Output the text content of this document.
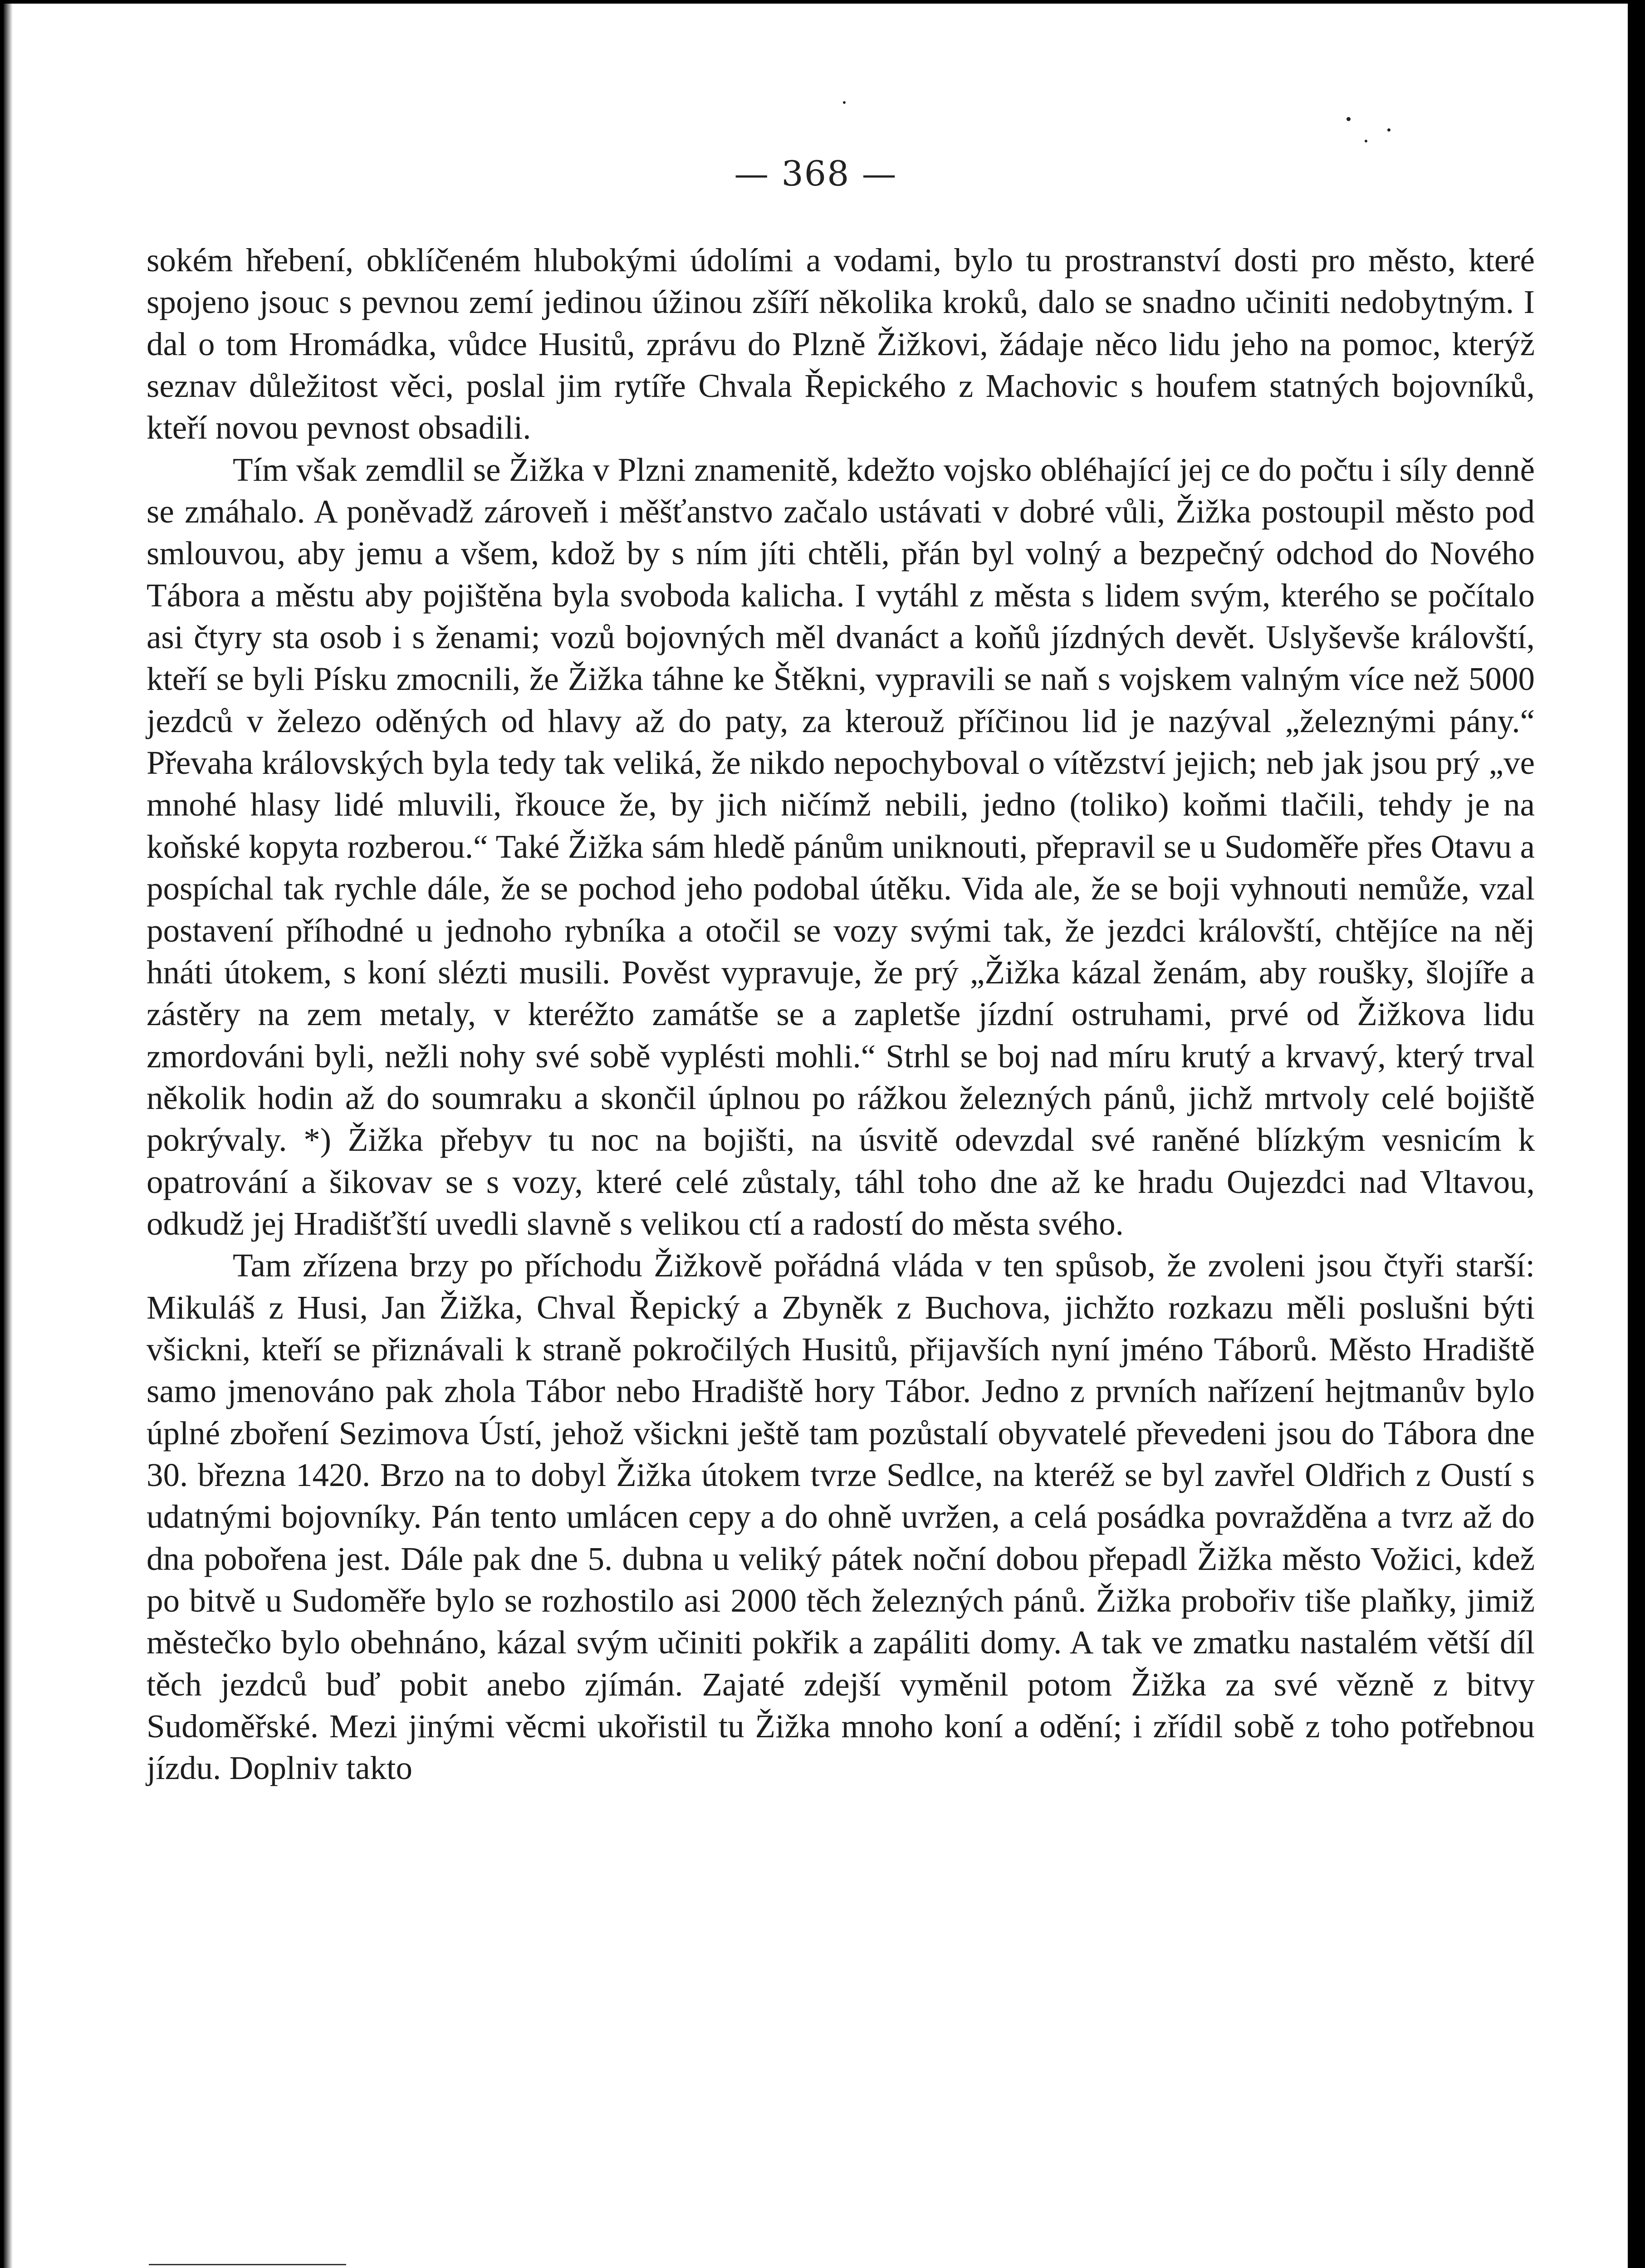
— 368 —

sokém hřebení, obklíčeném hlubokými údolími a vodami, bylo tu prostranství dosti pro město, které spojeno jsouc s pevnou zemí jedinou úžinou zšíří několika kroků, dalo se snadno učiniti nedobytným. I dal o tom Hromádka, vůdce Husitů, zprávu do Plzně Žižkovi, žádaje něco lidu jeho na pomoc, kterýž seznav důležitost věci, poslal jim rytíře Chvala Řepického z Machovic s houfem statných bojovníků, kteří novou pevnost obsadili.

Tím však zemdlil se Žižka v Plzni znamenitě, kdežto vojsko obléhající jej ce do počtu i síly denně se zmáhalo. A poněvadž zároveň i měšťanstvo začalo ustávati v dobré vůli, Žižka postoupil město pod smlouvou, aby jemu a všem, kdož by s ním jíti chtěli, přán byl volný a bezpečný odchod do Nového Tábora a městu aby pojištěna byla svoboda kalicha. I vytáhl z města s lidem svým, kterého se počítalo asi čtyry sta osob i s ženami; vozů bojovných měl dvanáct a koňů jízdných devět. Uslyševše královští, kteří se byli Písku zmocnili, že Žižka táhne ke Štěkni, vypravili se naň s vojskem valným více než 5000 jezdců v železo oděných od hlavy až do paty, za kterouž příčinou lid je nazýval „železnými pány.“ Převaha královských byla tedy tak veliká, že nikdo nepochyboval o vítězství jejich; neb jak jsou prý „ve mnohé hlasy lidé mluvili, řkouce že, by jich ničímž nebili, jedno (toliko) koňmi tlačili, tehdy je na koňské kopyta rozberou.“ Také Žižka sám hledě pánům uniknouti, přepravil se u Sudoměře přes Otavu a pospíchal tak rychle dále, že se pochod jeho podobal útěku. Vida ale, že se boji vyhnouti nemůže, vzal postavení příhodné u jednoho rybníka a otočil se vozy svými tak, že jezdci královští, chtějíce na něj hnáti útokem, s koní slézti musili. Pověst vypravuje, že prý „Žižka kázal ženám, aby roušky, šlojíře a zástěry na zem metaly, v kteréžto zamátše se a zapletše jízdní ostruhami, prvé od Žižkova lidu zmordováni byli, nežli nohy své sobě vyplésti mohli.“ Strhl se boj nad míru krutý a krvavý, který trval několik hodin až do soumraku a skončil úplnou po rážkou železných pánů, jichž mrtvoly celé bojiště pokrývaly. *) Žižka přebyv tu noc na bojišti, na úsvitě odevzdal své raněné blízkým vesnicím k opatrování a šikovav se s vozy, které celé zůstaly, táhl toho dne až ke hradu Oujezdci nad Vltavou, odkudž jej Hradišťští uvedli slavně s velikou ctí a radostí do města svého.

Tam zřízena brzy po příchodu Žižkově pořádná vláda v ten spůsob, že zvoleni jsou čtyři starší: Mikuláš z Husi, Jan Žižka, Chval Řepický a Zbyněk z Buchova, jichžto rozkazu měli poslušni býti všickni, kteří se přiznávali k straně pokročilých Husitů, přijavších nyní jméno Táborů. Město Hradiště samo jmenováno pak zhola Tábor nebo Hradiště hory Tábor. Jedno z prvních nařízení hejtmanův bylo úplné zboření Sezimova Ústí, jehož všickni ještě tam pozůstalí obyvatelé převedeni jsou do Tábora dne 30. března 1420. Brzo na to dobyl Žižka útokem tvrze Sedlce, na kteréž se byl zavřel Oldřich z Oustí s udatnými bojovníky. Pán tento umlácen cepy a do ohně uvržen, a celá posádka povražděna a tvrz až do dna pobořena jest. Dále pak dne 5. dubna u veliký pátek noční dobou přepadl Žižka město Vožici, kdež po bitvě u Sudoměře bylo se rozhostilo asi 2000 těch železných pánů. Žižka probořiv tiše plaňky, jimiž městečko bylo obehnáno, kázal svým učiniti pokřik a zapáliti domy. A tak ve zmatku nastalém větší díl těch jezdců buď pobit anebo zjímán. Zajaté zdejší vyměnil potom Žižka za své vězně z bitvy Sudoměřské. Mezi jinými věcmi ukořistil tu Žižka mnoho koní a odění; i zřídil sobě z toho potřebnou jízdu. Doplniv takto
